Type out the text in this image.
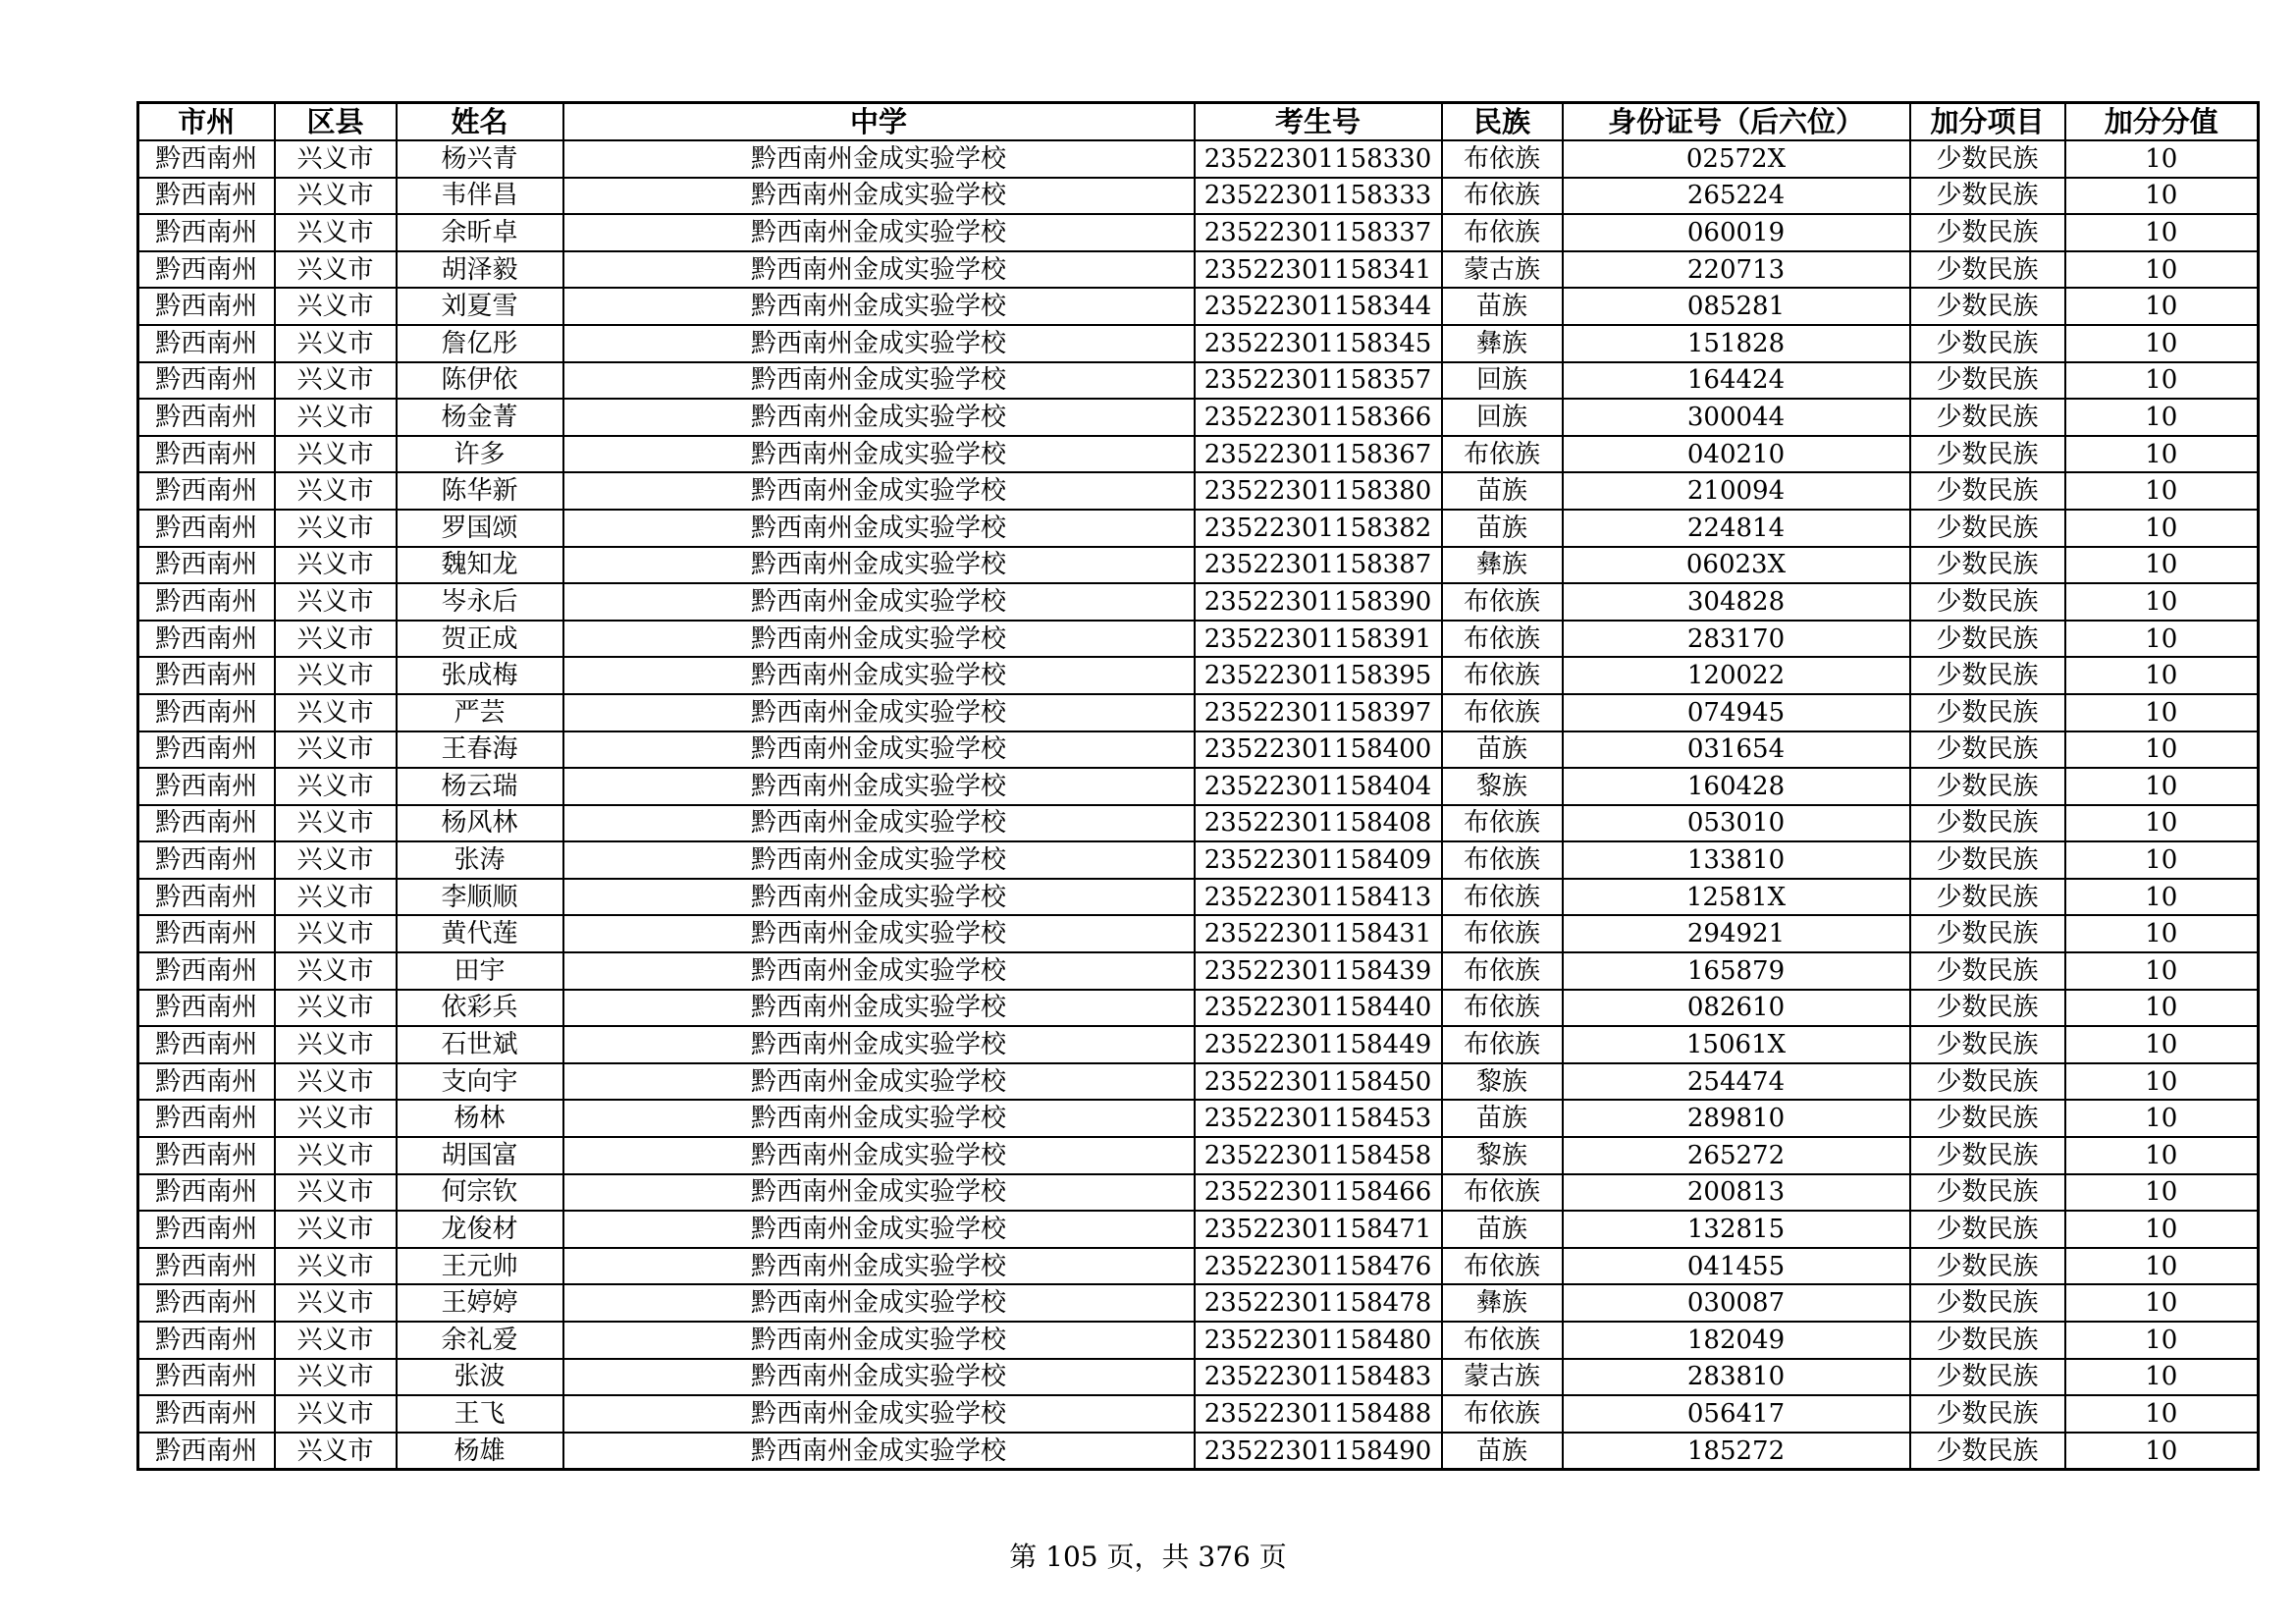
市州	区县	姓名	中学	考生号	民族	身份证号（后六位）	加分项目	加分分值
黔西南州	兴义市	杨兴青	黔西南州金成实验学校	23522301158330	布依族	02572X	少数民族	10
黔西南州	兴义市	韦伴昌	黔西南州金成实验学校	23522301158333	布依族	265224	少数民族	10
黔西南州	兴义市	余昕卓	黔西南州金成实验学校	23522301158337	布依族	060019	少数民族	10
黔西南州	兴义市	胡泽毅	黔西南州金成实验学校	23522301158341	蒙古族	220713	少数民族	10
黔西南州	兴义市	刘夏雪	黔西南州金成实验学校	23522301158344	苗族	085281	少数民族	10
黔西南州	兴义市	詹亿彤	黔西南州金成实验学校	23522301158345	彝族	151828	少数民族	10
黔西南州	兴义市	陈伊依	黔西南州金成实验学校	23522301158357	回族	164424	少数民族	10
黔西南州	兴义市	杨金菁	黔西南州金成实验学校	23522301158366	回族	300044	少数民族	10
黔西南州	兴义市	许多	黔西南州金成实验学校	23522301158367	布依族	040210	少数民族	10
黔西南州	兴义市	陈华新	黔西南州金成实验学校	23522301158380	苗族	210094	少数民族	10
黔西南州	兴义市	罗国颂	黔西南州金成实验学校	23522301158382	苗族	224814	少数民族	10
黔西南州	兴义市	魏知龙	黔西南州金成实验学校	23522301158387	彝族	06023X	少数民族	10
黔西南州	兴义市	岑永后	黔西南州金成实验学校	23522301158390	布依族	304828	少数民族	10
黔西南州	兴义市	贺正成	黔西南州金成实验学校	23522301158391	布依族	283170	少数民族	10
黔西南州	兴义市	张成梅	黔西南州金成实验学校	23522301158395	布依族	120022	少数民族	10
黔西南州	兴义市	严芸	黔西南州金成实验学校	23522301158397	布依族	074945	少数民族	10
黔西南州	兴义市	王春海	黔西南州金成实验学校	23522301158400	苗族	031654	少数民族	10
黔西南州	兴义市	杨云瑞	黔西南州金成实验学校	23522301158404	黎族	160428	少数民族	10
黔西南州	兴义市	杨风林	黔西南州金成实验学校	23522301158408	布依族	053010	少数民族	10
黔西南州	兴义市	张涛	黔西南州金成实验学校	23522301158409	布依族	133810	少数民族	10
黔西南州	兴义市	李顺顺	黔西南州金成实验学校	23522301158413	布依族	12581X	少数民族	10
黔西南州	兴义市	黄代莲	黔西南州金成实验学校	23522301158431	布依族	294921	少数民族	10
黔西南州	兴义市	田宇	黔西南州金成实验学校	23522301158439	布依族	165879	少数民族	10
黔西南州	兴义市	依彩兵	黔西南州金成实验学校	23522301158440	布依族	082610	少数民族	10
黔西南州	兴义市	石世斌	黔西南州金成实验学校	23522301158449	布依族	15061X	少数民族	10
黔西南州	兴义市	支向宇	黔西南州金成实验学校	23522301158450	黎族	254474	少数民族	10
黔西南州	兴义市	杨林	黔西南州金成实验学校	23522301158453	苗族	289810	少数民族	10
黔西南州	兴义市	胡国富	黔西南州金成实验学校	23522301158458	黎族	265272	少数民族	10
黔西南州	兴义市	何宗钦	黔西南州金成实验学校	23522301158466	布依族	200813	少数民族	10
黔西南州	兴义市	龙俊材	黔西南州金成实验学校	23522301158471	苗族	132815	少数民族	10
黔西南州	兴义市	王元帅	黔西南州金成实验学校	23522301158476	布依族	041455	少数民族	10
黔西南州	兴义市	王婷婷	黔西南州金成实验学校	23522301158478	彝族	030087	少数民族	10
黔西南州	兴义市	余礼爱	黔西南州金成实验学校	23522301158480	布依族	182049	少数民族	10
黔西南州	兴义市	张波	黔西南州金成实验学校	23522301158483	蒙古族	283810	少数民族	10
黔西南州	兴义市	王飞	黔西南州金成实验学校	23522301158488	布依族	056417	少数民族	10
黔西南州	兴义市	杨雄	黔西南州金成实验学校	23522301158490	苗族	185272	少数民族	10
第 105 页，共 376 页
